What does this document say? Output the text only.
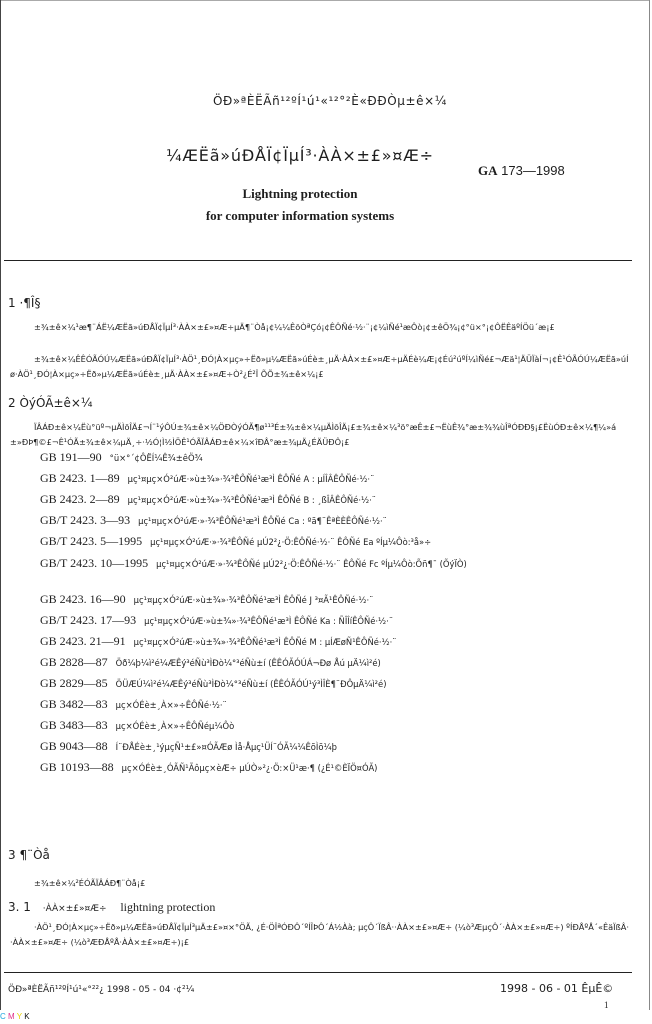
ÖÐ»ªÈËÃñ¹²ºÍ¹ú¹«¹²°²È«ÐÐÒµ±ê×¼
¼ÆËã»úÐÅÏ¢ÏµÍ³·ÀÀ×±£»¤Æ÷
GA 173—1998
Lightning protection
for computer information systems
1 ·¶Î§
±¾±ê×¼¹æ¶¨ÁË¼ÆËã»úÐÅÏ¢ÏµÍ³·ÀÀ×±£»¤Æ÷µÄ¶¨Òå¡¢¼¼ÊõÒªÇó¡¢ÊÔÑé·½·¨¡¢¼ìÑé¹æÔò¡¢±êÖ¾¡¢°ü×°¡¢ÔËÊäºÍÖü´æ¡£
±¾±ê×¼ÊÊÓÃÓÚ¼ÆËã»úÐÅÏ¢ÏµÍ³·ÀÖ¹¸ÐÓ¦À×µç»÷Ëð»µ¼ÆËã»úÉè±¸µÄ·ÀÀ×±£»¤Æ÷µÄÉè¼Æ¡¢Éú²úºÍ¼ìÑé£¬Æä¹¦ÄÜÏàÍ¬¡¢Ê¹ÓÃÓÚ¼ÆËã»úÍø·ÀÖ¹¸ÐÓ¦À×µç»÷Ëð»µ¼ÆËã»úÉè±¸µÄ·ÀÀ×±£»¤Æ÷Ò²¿É²Î ÕÕ±¾±ê×¼¡£
2 ÒýÓÃ±ê×¼
ÏÂÁÐ±ê×¼Ëù°üº¬µÄÌõÎÄ£¬Í¨¹ýÔÚ±¾±ê×¼ÖÐÒýÓÃ¶ø¹¹³É±¾±ê×¼µÄÌõÎÄ¡£±¾±ê×¼³ö°æÊ±£¬ËùÊ¾°æ±¾¾ùÎªÓÐÐ§¡£ËùÓÐ±ê×¼¶¼»á±»ÐÞ¶©£¬Ê¹ÓÃ±¾±ê×¼µÄ¸÷·½Ó¦Ì½ÌÖÊ¹ÓÃÏÂÁÐ±ê×¼×îÐÂ°æ±¾µÄ¿ÉÄÜÐÔ¡£
GB 191—90 °ü×°´¢ÔËÍ¼Ê¾±êÖ¾
GB 2423. 1—89 µç¹¤µç×Ó²úÆ·»ù±¾»·¾³ÊÔÑé¹æ³Ì ÊÔÑé A : µÍÎÂÊÔÑé·½·¨
GB 2423. 2—89 µç¹¤µç×Ó²úÆ·»ù±¾»·¾³ÊÔÑé¹æ³Ì ÊÔÑé B : ¸ßÎÂÊÔÑé·½·¨
GB/T 2423. 3—93 µç¹¤µç×Ó²úÆ·»·¾³ÊÔÑé¹æ³Ì ÊÔÑé Ca : ºã¶¨ÊªÈÈÊÔÑé·½·¨
GB/T 2423. 5—1995 µç¹¤µç×Ó²úÆ·»·¾³ÊÔÑé µÚ2²¿·Ö:ÊÔÑé·½·¨ ÊÔÑé Ea ºÍµ¼Ôò:³å»÷
GB/T 2423. 10—1995 µç¹¤µç×Ó²úÆ·»·¾³ÊÔÑé µÚ2²¿·Ö:ÊÔÑé·½·¨ ÊÔÑé Fc ºÍµ¼Ôò:Õñ¶¯ (ÕýÏÒ)
GB 2423. 16—90 µç¹¤µç×Ó²úÆ·»ù±¾»·¾³ÊÔÑé¹æ³Ì ÊÔÑé J ³¤Ã¹ÊÔÑé·½·¨
GB/T 2423. 17—93 µç¹¤µç×Ó²úÆ·»ù±¾»·¾³ÊÔÑé¹æ³Ì ÊÔÑé Ka : ÑÎÎíÊÔÑé·½·¨
GB 2423. 21—91 µç¹¤µç×Ó²úÆ·»ù±¾»·¾³ÊÔÑé¹æ³Ì ÊÔÑé M : µÍÆøÑ¹ÊÔÑé·½·¨
GB 2828—87 Öð¼þ¼ì²é¼ÆÊý³éÑù³ÌÐò¼°³éÑù±í (ÊÊÓÃÓÚÁ¬Ðø Åú µÄ¼ì²é)
GB 2829—85 ÖÜÆÚ¼ì²é¼ÆÊý³éÑù³ÌÐò¼°³éÑù±í (ÊÊÓÃÓÚ¹ý³ÌÎÈ¶¨ÐÔµÄ¼ì²é)
GB 3482—83 µç×ÓÉè±¸À×»÷ÊÔÑé·½·¨
GB 3483—83 µç×ÓÉè±¸À×»÷ÊÔÑéµ¼Ôò
GB 9043—88 Í¨ÐÅÉè±¸¹ýµçÑ¹±£»¤ÓÃÆø Ìå·Åµç¹ÜÍ¨ÓÃ¼¼ÊõÌõ¼þ
GB 10193—88 µç×ÓÉè±¸ÓÃÑ¹Ãôµç×èÆ÷ µÚÒ»²¿·Ö:×Ü¹æ·¶ (¿É¹©ÈÏÖ¤ÓÃ)
3 ¶¨Òå
±¾±ê×¼²ÉÓÃÏÂÁÐ¶¨Òå¡£
3. 1 ·ÀÀ×±£»¤Æ÷ lightning protection
·ÀÖ¹¸ÐÓ¦À×µç»÷Ëð»µ¼ÆËã»úÐÅÏ¢ÏµÍ³µÄ±£»¤×°ÖÃ, ¿É·ÖÎªÓÐÔ´ºÍÎÞÔ´Á½Àà; µçÔ´ÏßÂ··ÀÀ×±£»¤Æ÷ (¼ò³ÆµçÔ´·ÀÀ×±£»¤Æ÷) ºÍÐÅºÅ´«ÊäÏßÂ··ÀÀ×±£»¤Æ÷ (¼ò³ÆÐÅºÅ·ÀÀ×±£»¤Æ÷)¡£
ÖÐ»ªÈËÃñ¹²ºÍ¹ú¹«°²²¿ 1998 - 05 - 04 ·¢²¼	1998 - 06 - 01 ÊµÊ©
1
C M Y K
